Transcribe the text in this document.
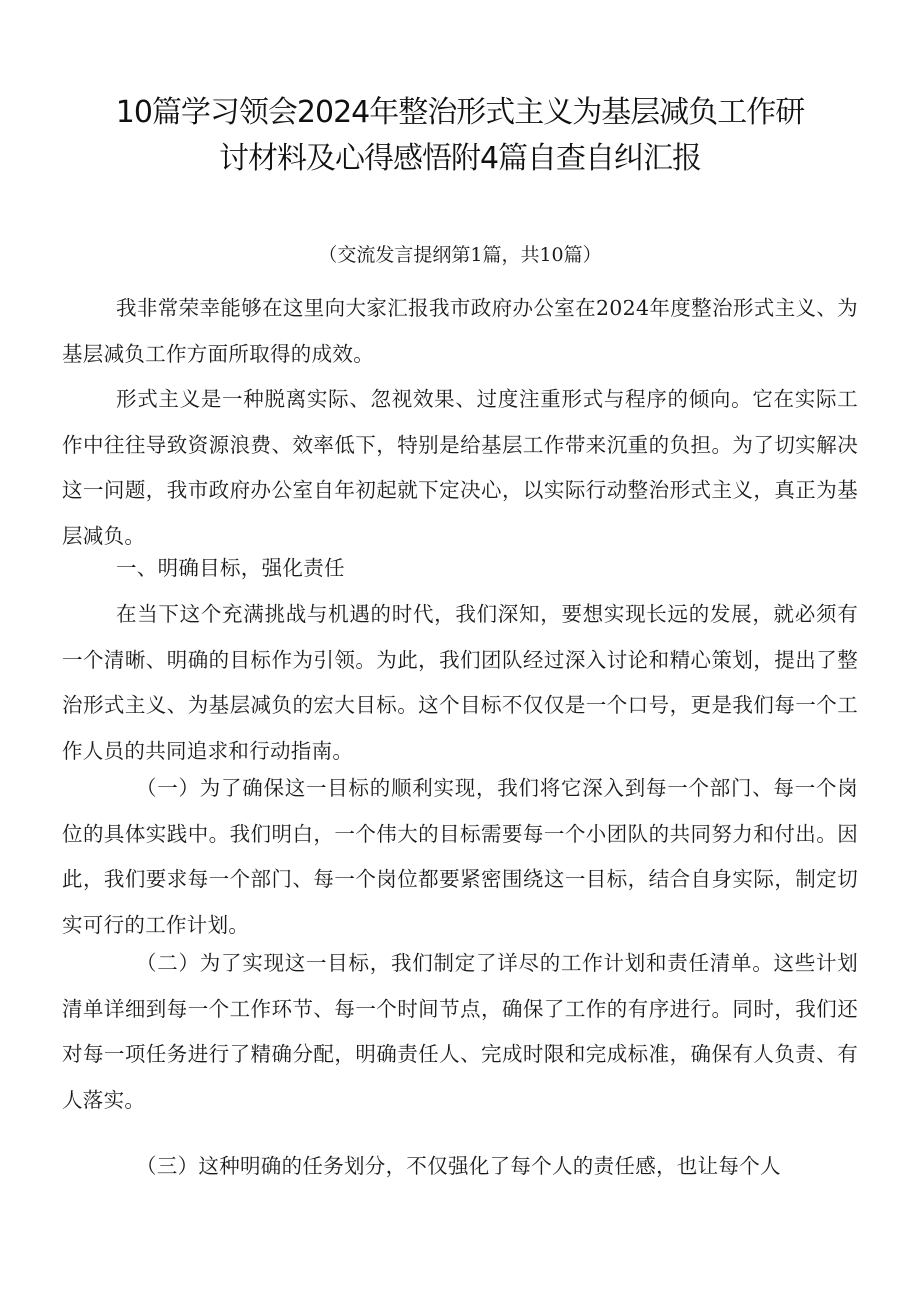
10篇学习领会2024年整治形式主义为基层减负工作研
讨材料及心得感悟附4篇自查自纠汇报

（交流发言提纲第1篇，共10篇）

我非常荣幸能够在这里向大家汇报我市政府办公室在2024年度整治形式主义、为基层减负工作方面所取得的成效。

形式主义是一种脱离实际、忽视效果、过度注重形式与程序的倾向。它在实际工作中往往导致资源浪费、效率低下，特别是给基层工作带来沉重的负担。为了切实解决这一问题，我市政府办公室自年初起就下定决心，以实际行动整治形式主义，真正为基层减负。

一、明确目标，强化责任

在当下这个充满挑战与机遇的时代，我们深知，要想实现长远的发展，就必须有一个清晰、明确的目标作为引领。为此，我们团队经过深入讨论和精心策划，提出了整治形式主义、为基层减负的宏大目标。这个目标不仅仅是一个口号，更是我们每一个工作人员的共同追求和行动指南。

（一）为了确保这一目标的顺利实现，我们将它深入到每一个部门、每一个岗位的具体实践中。我们明白，一个伟大的目标需要每一个小团队的共同努力和付出。因此，我们要求每一个部门、每一个岗位都要紧密围绕这一目标，结合自身实际，制定切实可行的工作计划。

（二）为了实现这一目标，我们制定了详尽的工作计划和责任清单。这些计划清单详细到每一个工作环节、每一个时间节点，确保了工作的有序进行。同时，我们还对每一项任务进行了精确分配，明确责任人、完成时限和完成标准，确保有人负责、有人落实。

（三）这种明确的任务划分，不仅强化了每个人的责任感，也让每个人
